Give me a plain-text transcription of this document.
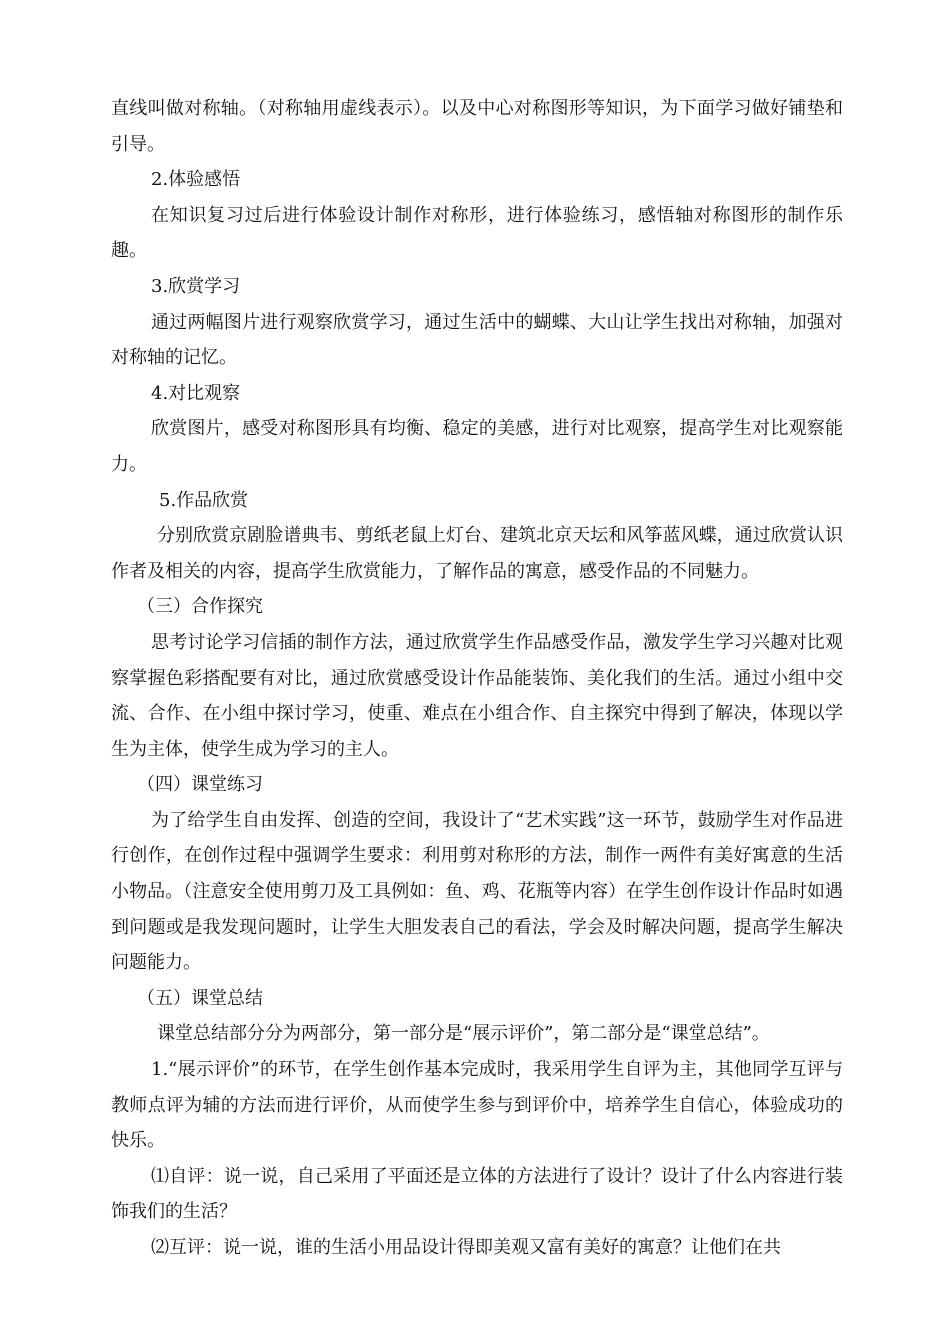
直线叫做对称轴。（对称轴用虚线表示）。以及中心对称图形等知识，为下面学习做好铺垫和引导。

2.体验感悟

在知识复习过后进行体验设计制作对称形，进行体验练习，感悟轴对称图形的制作乐趣。

3.欣赏学习

通过两幅图片进行观察欣赏学习，通过生活中的蝴蝶、大山让学生找出对称轴，加强对对称轴的记忆。

4.对比观察

欣赏图片，感受对称图形具有均衡、稳定的美感，进行对比观察，提高学生对比观察能力。

5.作品欣赏

分别欣赏京剧脸谱典韦、剪纸老鼠上灯台、建筑北京天坛和风筝蓝风蝶，通过欣赏认识作者及相关的内容，提高学生欣赏能力，了解作品的寓意，感受作品的不同魅力。

（三）合作探究

思考讨论学习信插的制作方法，通过欣赏学生作品感受作品，激发学生学习兴趣对比观察掌握色彩搭配要有对比，通过欣赏感受设计作品能装饰、美化我们的生活。通过小组中交流、合作、在小组中探讨学习，使重、难点在小组合作、自主探究中得到了解决，体现以学生为主体，使学生成为学习的主人。

（四）课堂练习

为了给学生自由发挥、创造的空间，我设计了“艺术实践”这一环节，鼓励学生对作品进行创作，在创作过程中强调学生要求：利用剪对称形的方法，制作一两件有美好寓意的生活小物品。（注意安全使用剪刀及工具例如：鱼、鸡、花瓶等内容）在学生创作设计作品时如遇到问题或是我发现问题时，让学生大胆发表自己的看法，学会及时解决问题，提高学生解决问题能力。

（五）课堂总结

课堂总结部分分为两部分，第一部分是“展示评价”，第二部分是“课堂总结”。

1.“展示评价”的环节，在学生创作基本完成时，我采用学生自评为主，其他同学互评与教师点评为辅的方法而进行评价，从而使学生参与到评价中，培养学生自信心，体验成功的快乐。

⑴自评：说一说，自己采用了平面还是立体的方法进行了设计？设计了什么内容进行装饰我们的生活？

⑵互评：说一说，谁的生活小用品设计得即美观又富有美好的寓意？让他们在共
